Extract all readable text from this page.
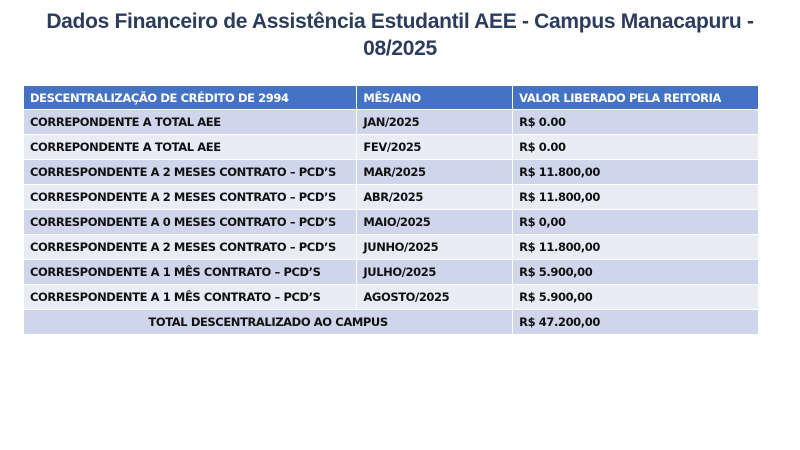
Dados Financeiro de Assistência Estudantil AEE - Campus Manacapuru -
08/2025
DESCENTRALIZAÇÃO DE CRÉDITO DE 2994	MÊS/ANO	VALOR LIBERADO PELA REITORIA
CORREPONDENTE A TOTAL AEE	JAN/2025	R$ 0.00
CORREPONDENTE A TOTAL AEE	FEV/2025	R$ 0.00
CORRESPONDENTE A 2 MESES CONTRATO – PCD’S	MAR/2025	R$ 11.800,00
CORRESPONDENTE A 2 MESES CONTRATO – PCD’S	ABR/2025	R$ 11.800,00
CORRESPONDENTE A 0 MESES CONTRATO – PCD’S	MAIO/2025	R$ 0,00
CORRESPONDENTE A 2 MESES CONTRATO – PCD’S	JUNHO/2025	R$ 11.800,00
CORRESPONDENTE A 1 MÊS CONTRATO – PCD’S	JULHO/2025	R$ 5.900,00
CORRESPONDENTE A 1 MÊS CONTRATO – PCD’S	AGOSTO/2025	R$ 5.900,00
TOTAL DESCENTRALIZADO AO CAMPUS		R$ 47.200,00
